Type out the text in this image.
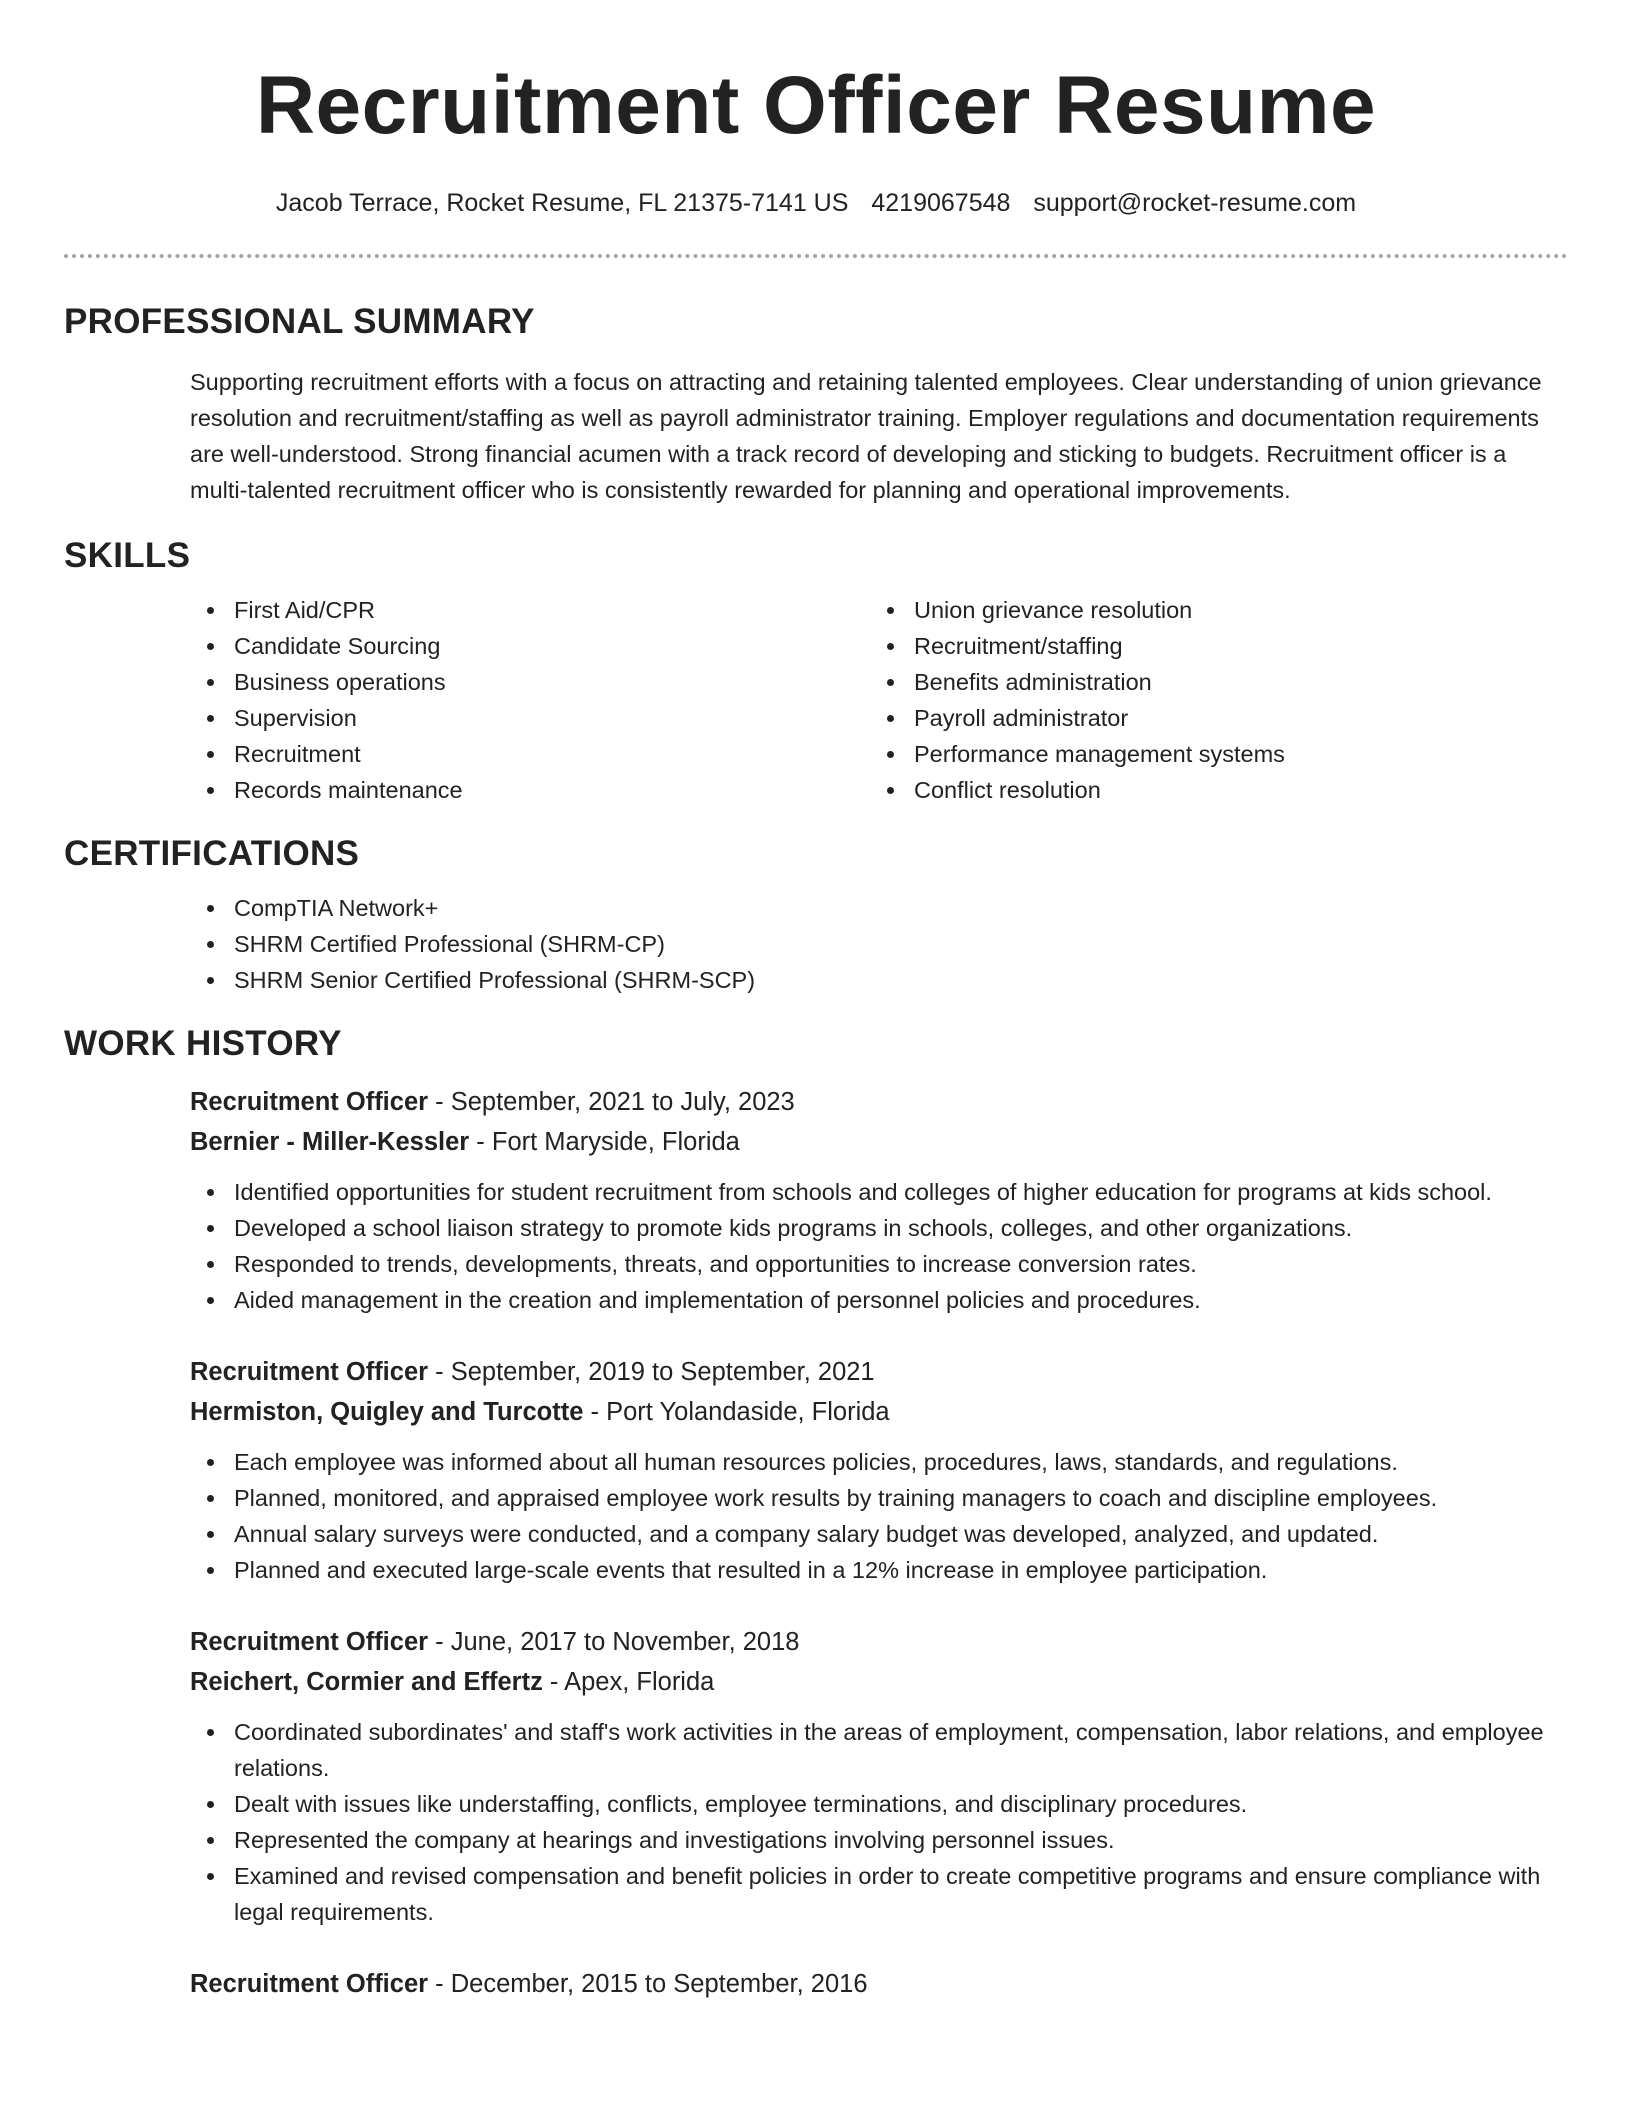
Recruitment Officer Resume
Jacob Terrace, Rocket Resume, FL 21375-7141 US 4219067548 support@rocket-resume.com
PROFESSIONAL SUMMARY

Supporting recruitment efforts with a focus on attracting and retaining talented employees. Clear understanding of union grievance resolution and recruitment/staffing as well as payroll administrator training. Employer regulations and documentation requirements are well-understood. Strong financial acumen with a track record of developing and sticking to budgets. Recruitment officer is a multi-talented recruitment officer who is consistently rewarded for planning and operational improvements.

SKILLS
First Aid/CPR
Candidate Sourcing
Business operations
Supervision
Recruitment
Records maintenance
Union grievance resolution
Recruitment/staffing
Benefits administration
Payroll administrator
Performance management systems
Conflict resolution
CERTIFICATIONS
CompTIA Network+
SHRM Certified Professional (SHRM-CP)
SHRM Senior Certified Professional (SHRM-SCP)
WORK HISTORY
Recruitment Officer - September, 2021 to July, 2023
Bernier - Miller-Kessler - Fort Maryside, Florida
Identified opportunities for student recruitment from schools and colleges of higher education for programs at kids school.
Developed a school liaison strategy to promote kids programs in schools, colleges, and other organizations.
Responded to trends, developments, threats, and opportunities to increase conversion rates.
Aided management in the creation and implementation of personnel policies and procedures.
Recruitment Officer - September, 2019 to September, 2021
Hermiston, Quigley and Turcotte - Port Yolandaside, Florida
Each employee was informed about all human resources policies, procedures, laws, standards, and regulations.
Planned, monitored, and appraised employee work results by training managers to coach and discipline employees.
Annual salary surveys were conducted, and a company salary budget was developed, analyzed, and updated.
Planned and executed large-scale events that resulted in a 12% increase in employee participation.
Recruitment Officer - June, 2017 to November, 2018
Reichert, Cormier and Effertz - Apex, Florida
Coordinated subordinates' and staff's work activities in the areas of employment, compensation, labor relations, and employee relations.
Dealt with issues like understaffing, conflicts, employee terminations, and disciplinary procedures.
Represented the company at hearings and investigations involving personnel issues.
Examined and revised compensation and benefit policies in order to create competitive programs and ensure compliance with legal requirements.
Recruitment Officer - December, 2015 to September, 2016
